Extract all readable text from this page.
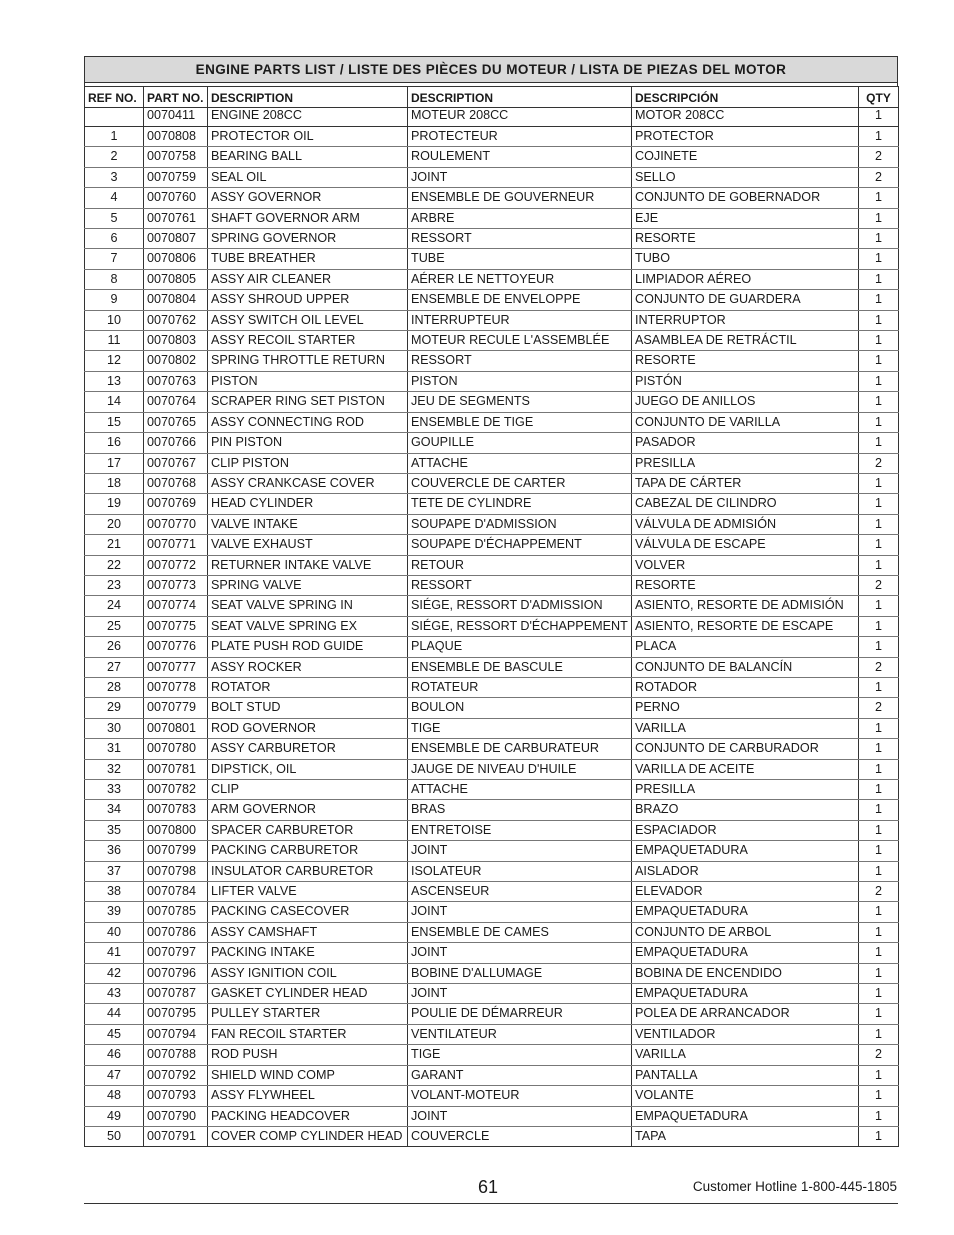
ENGINE PARTS LIST / LISTE DES PIÈCES DU MOTEUR / LISTA DE PIEZAS DEL MOTOR
REF NO.	PART NO.	DESCRIPTION	DESCRIPTION	DESCRIPCIÓN	QTY
	0070411	ENGINE 208CC	MOTEUR 208CC	MOTOR 208CC	1
1	0070808	PROTECTOR OIL	PROTECTEUR	PROTECTOR	1
2	0070758	BEARING BALL	ROULEMENT	COJINETE	2
3	0070759	SEAL OIL	JOINT	SELLO	2
4	0070760	ASSY GOVERNOR	ENSEMBLE DE GOUVERNEUR	CONJUNTO DE GOBERNADOR	1
5	0070761	SHAFT GOVERNOR ARM	ARBRE	EJE	1
6	0070807	SPRING GOVERNOR	RESSORT	RESORTE	1
7	0070806	TUBE BREATHER	TUBE	TUBO	1
8	0070805	ASSY AIR CLEANER	AÉRER LE NETTOYEUR	LIMPIADOR AÉREO	1
9	0070804	ASSY SHROUD UPPER	ENSEMBLE DE ENVELOPPE	CONJUNTO DE GUARDERA	1
10	0070762	ASSY SWITCH OIL LEVEL	INTERRUPTEUR	INTERRUPTOR	1
11	0070803	ASSY RECOIL STARTER	MOTEUR RECULE L'ASSEMBLÉE	ASAMBLEA DE RETRÁCTIL	1
12	0070802	SPRING THROTTLE RETURN	RESSORT	RESORTE	1
13	0070763	PISTON	PISTON	PISTÓN	1
14	0070764	SCRAPER RING SET PISTON	JEU DE SEGMENTS	JUEGO DE ANILLOS	1
15	0070765	ASSY CONNECTING ROD	ENSEMBLE DE TIGE	CONJUNTO DE VARILLA	1
16	0070766	PIN PISTON	GOUPILLE	PASADOR	1
17	0070767	CLIP PISTON	ATTACHE	PRESILLA	2
18	0070768	ASSY CRANKCASE COVER	COUVERCLE DE CARTER	TAPA DE CÁRTER	1
19	0070769	HEAD CYLINDER	TETE DE CYLINDRE	CABEZAL DE CILINDRO	1
20	0070770	VALVE INTAKE	SOUPAPE D'ADMISSION	VÁLVULA DE ADMISIÓN	1
21	0070771	VALVE EXHAUST	SOUPAPE D'ÉCHAPPEMENT	VÁLVULA DE ESCAPE	1
22	0070772	RETURNER INTAKE VALVE	RETOUR	VOLVER	1
23	0070773	SPRING VALVE	RESSORT	RESORTE	2
24	0070774	SEAT VALVE SPRING IN	SIÉGE, RESSORT D'ADMISSION	ASIENTO, RESORTE DE ADMISIÓN	1
25	0070775	SEAT VALVE SPRING EX	SIÉGE, RESSORT D'ÉCHAPPEMENT	ASIENTO, RESORTE DE ESCAPE	1
26	0070776	PLATE PUSH ROD GUIDE	PLAQUE	PLACA	1
27	0070777	ASSY ROCKER	ENSEMBLE DE BASCULE	CONJUNTO DE BALANCÍN	2
28	0070778	ROTATOR	ROTATEUR	ROTADOR	1
29	0070779	BOLT STUD	BOULON	PERNO	2
30	0070801	ROD GOVERNOR	TIGE	VARILLA	1
31	0070780	ASSY CARBURETOR	ENSEMBLE DE CARBURATEUR	CONJUNTO DE CARBURADOR	1
32	0070781	DIPSTICK, OIL	JAUGE DE NIVEAU D'HUILE	VARILLA DE ACEITE	1
33	0070782	CLIP	ATTACHE	PRESILLA	1
34	0070783	ARM GOVERNOR	BRAS	BRAZO	1
35	0070800	SPACER CARBURETOR	ENTRETOISE	ESPACIADOR	1
36	0070799	PACKING CARBURETOR	JOINT	EMPAQUETADURA	1
37	0070798	INSULATOR CARBURETOR	ISOLATEUR	AISLADOR	1
38	0070784	LIFTER VALVE	ASCENSEUR	ELEVADOR	2
39	0070785	PACKING CASECOVER	JOINT	EMPAQUETADURA	1
40	0070786	ASSY CAMSHAFT	ENSEMBLE DE CAMES	CONJUNTO DE ARBOL	1
41	0070797	PACKING INTAKE	JOINT	EMPAQUETADURA	1
42	0070796	ASSY IGNITION COIL	BOBINE D'ALLUMAGE	BOBINA DE ENCENDIDO	1
43	0070787	GASKET CYLINDER HEAD	JOINT	EMPAQUETADURA	1
44	0070795	PULLEY STARTER	POULIE DE DÉMARREUR	POLEA DE ARRANCADOR	1
45	0070794	FAN RECOIL STARTER	VENTILATEUR	VENTILADOR	1
46	0070788	ROD PUSH	TIGE	VARILLA	2
47	0070792	SHIELD WIND COMP	GARANT	PANTALLA	1
48	0070793	ASSY FLYWHEEL	VOLANT-MOTEUR	VOLANTE	1
49	0070790	PACKING HEADCOVER	JOINT	EMPAQUETADURA	1
50	0070791	COVER COMP CYLINDER HEAD	COUVERCLE	TAPA	1
61	Customer Hotline 1-800-445-1805
